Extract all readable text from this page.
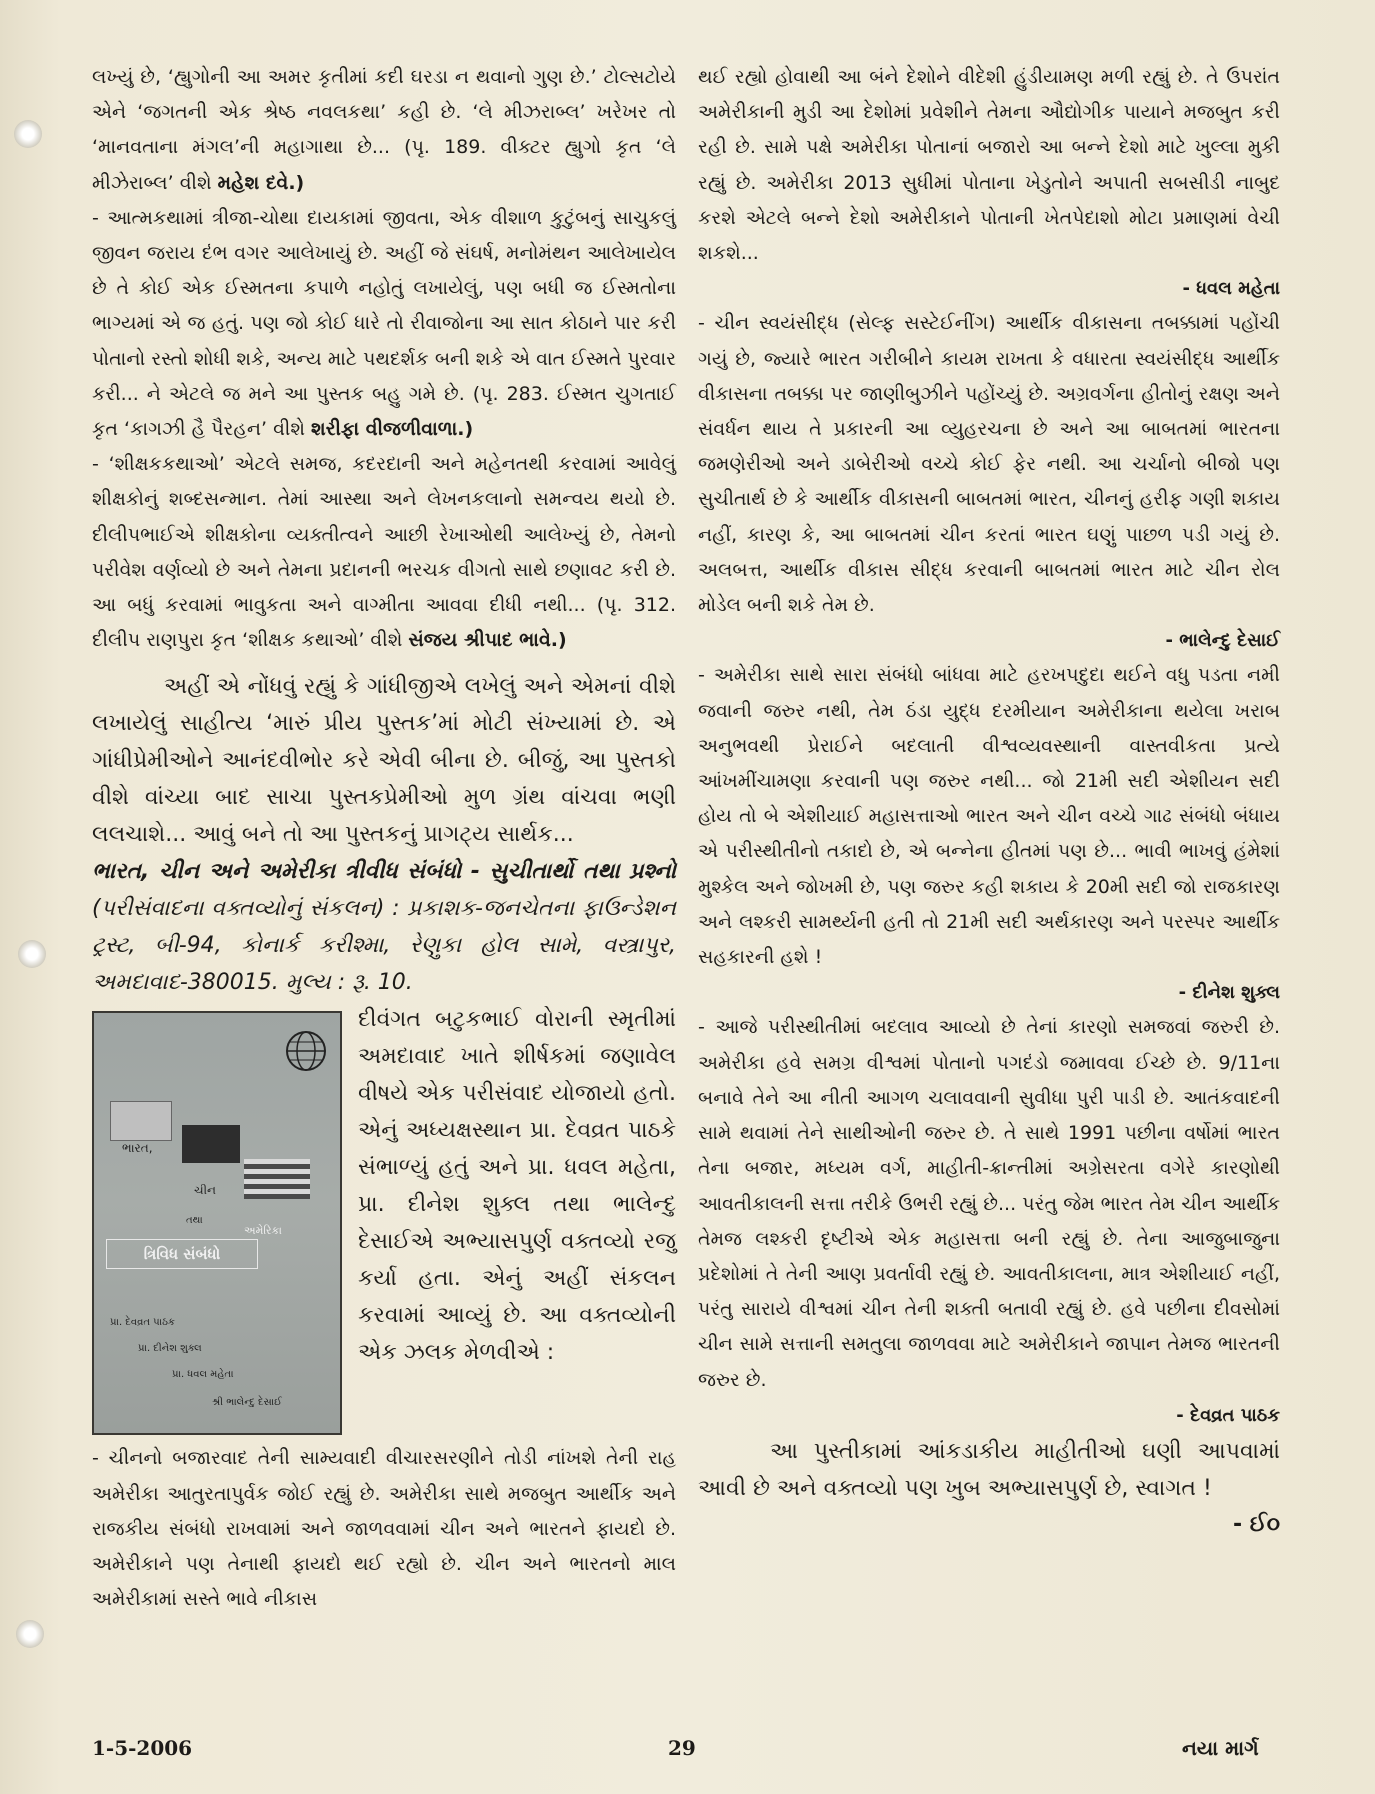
લખ્યું છે, ‘હ્યુગોની આ અમર કૃતીમાં કદી ઘરડા ન થવાનો ગુણ છે.’ ટોલ્સટોયે એને ‘જગતની એક શ્રેષ્ઠ નવલકથા’ કહી છે. ‘લે મીઝરાબ્લ’ ખરેખર તો ‘માનવતાના મંગલ’ની મહાગાથા છે... (પૃ. 189. વીક્ટર હ્યુગો કૃત ‘લે મીઝેરાબ્લ’ વીશે મહેશ દવે.)

- આત્મકથામાં ત્રીજા-ચોથા દાયકામાં જીવતા, એક વીશાળ કુટુંબનું સાચુકલું જીવન જરાય દંભ વગર આલેખાયું છે. અહીં જે સંઘર્ષ, મનોમંથન આલેખાયેલ છે તે કોઈ એક ઈસ્મતના કપાળે નહોતું લખાયેલું, પણ બધી જ ઈસ્મતોના ભાગ્યમાં એ જ હતું. પણ જો કોઈ ધારે તો રીવાજોના આ સાત કોઠાને પાર કરી પોતાનો રસ્તો શોધી શકે, અન્ય માટે પથદર્શક બની શકે એ વાત ઈસ્મતે પુરવાર કરી... ને એટલે જ મને આ પુસ્તક બહુ ગમે છે. (પૃ. 283. ઈસ્મત ચુગતાઈ કૃત ‘કાગઝી હૈ પૈરહન’ વીશે શરીફા વીજળીવાળા.)

- ‘શીક્ષકકથાઓ’ એટલે સમજ, કદરદાની અને મહેનતથી કરવામાં આવેલું શીક્ષકોનું શબ્દસન્માન. તેમાં આસ્થા અને લેખનકલાનો સમન્વય થયો છે. દીલીપભાઈએ શીક્ષકોના વ્યક્તીત્વને આછી રેખાઓથી આલેખ્યું છે, તેમનો પરીવેશ વર્ણવ્યો છે અને તેમના પ્રદાનની ભરચક વીગતો સાથે છણાવટ કરી છે. આ બધું કરવામાં ભાવુકતા અને વાગ્મીતા આવવા દીધી નથી... (પૃ. 312. દીલીપ રાણપુરા કૃત ‘શીક્ષક કથાઓ’ વીશે સંજય શ્રીપાદ ભાવે.)

અહીં એ નોંધવું રહ્યું કે ગાંધીજીએ લખેલું અને એમનાં વીશે લખાયેલું સાહીત્ય ‘મારું પ્રીય પુસ્તક’માં મોટી સંખ્યામાં છે. એ ગાંધીપ્રેમીઓને આનંદવીભોર કરે એવી બીના છે. બીજું, આ પુસ્તકો વીશે વાંચ્યા બાદ સાચા પુસ્તકપ્રેમીઓ મુળ ગ્રંથ વાંચવા ભણી લલચાશે... આવું બને તો આ પુસ્તકનું પ્રાગટ્ય સાર્થક...

ભારત, ચીન અને અમેરીકા ત્રીવીધ સંબંધો - સુચીતાર્થો તથા પ્રશ્નો (પરીસંવાદના વક્તવ્યોનું સંકલન) : પ્રકાશક-જનચેતના ફાઉન્ડેશન ટ્રસ્ટ, બી-94, કોનાર્ક કરીશ્મા, રેણુકા હોલ સામે, વસ્ત્રાપુર, અમદાવાદ-380015. મુલ્ય : રૂ. 10.

ભારત,
ચીન
તથા
અમેરિકા
ત્રિવિધ સંબંધો
પ્રા. દેવવ્રત પાઠક
પ્રા. દીનેશ શુક્લ
પ્રા. ધવલ મહેતા
શ્રી ભાલેન્દુ દેસાઈ

દીવંગત બટુકભાઈ વોરાની સ્મૃતીમાં અમદાવાદ ખાતે શીર્ષકમાં જણાવેલ વીષયે એક પરીસંવાદ યોજાયો હતો. એનું અધ્યક્ષસ્થાન પ્રા. દેવવ્રત પાઠકે સંભાળ્યું હતું અને પ્રા. ધવલ મહેતા, પ્રા. દીનેશ શુક્લ તથા ભાલેન્દુ દેસાઈએ અભ્યાસપુર્ણ વક્તવ્યો રજુ કર્યા હતા. એનું અહીં સંકલન કરવામાં આવ્યું છે. આ વક્તવ્યોની એક ઝલક મેળવીએ :

- ચીનનો બજારવાદ તેની સામ્યવાદી વીચારસરણીને તોડી નાંખશે તેની રાહ અમેરીકા આતુરતાપુર્વક જોઈ રહ્યું છે. અમેરીકા સાથે મજબુત આર્થીક અને રાજકીય સંબંધો રાખવામાં અને જાળવવામાં ચીન અને ભારતને ફાયદો છે. અમેરીકાને પણ તેનાથી ફાયદો થઈ રહ્યો છે. ચીન અને ભારતનો માલ અમેરીકામાં સસ્તે ભાવે નીકાસ

થઈ રહ્યો હોવાથી આ બંને દેશોને વીદેશી હુંડીયામણ મળી રહ્યું છે. તે ઉપરાંત અમેરીકાની મુડી આ દેશોમાં પ્રવેશીને તેમના ઔદ્યોગીક પાયાને મજબુત કરી રહી છે. સામે પક્ષે અમેરીકા પોતાનાં બજારો આ બન્ને દેશો માટે ખુલ્લા મુકી રહ્યું છે. અમેરીકા 2013 સુધીમાં પોતાના ખેડુતોને અપાતી સબસીડી નાબુદ કરશે એટલે બન્ને દેશો અમેરીકાને પોતાની ખેતપેદાશો મોટા પ્રમાણમાં વેચી શકશે...

- ધવલ મહેતા

- ચીન સ્વયંસીદ્ધ (સેલ્ફ સસ્ટેઈનીંગ) આર્થીક વીકાસના તબક્કામાં પહોંચી ગયું છે, જ્યારે ભારત ગરીબીને કાયમ રાખતા કે વધારતા સ્વયંસીદ્ધ આર્થીક વીકાસના તબક્કા પર જાણીબુઝીને પહોંચ્યું છે. અગ્રવર્ગના હીતોનું રક્ષણ અને સંવર્ધન થાય તે પ્રકારની આ વ્યુહરચના છે અને આ બાબતમાં ભારતના જમણેરીઓ અને ડાબેરીઓ વચ્ચે કોઈ ફેર નથી. આ ચર્ચાનો બીજો પણ સુચીતાર્થ છે કે આર્થીક વીકાસની બાબતમાં ભારત, ચીનનું હરીફ ગણી શકાય નહીં, કારણ કે, આ બાબતમાં ચીન કરતાં ભારત ઘણું પાછળ પડી ગયું છે. અલબત્ત, આર્થીક વીકાસ સીદ્ધ કરવાની બાબતમાં ભારત માટે ચીન રોલ મોડેલ બની શકે તેમ છે.

- ભાલેન્દુ દેસાઈ

- અમેરીકા સાથે સારા સંબંધો બાંધવા માટે હરખપદુદા થઈને વધુ પડતા નમી જવાની જરુર નથી, તેમ ઠંડા યુદ્ધ દરમીયાન અમેરીકાના થયેલા ખરાબ અનુભવથી પ્રેરાઈને બદલાતી વીશ્વવ્યવસ્થાની વાસ્તવીકતા પ્રત્યે આંખમીંચામણા કરવાની પણ જરુર નથી... જો 21મી સદી એશીયન સદી હોય તો બે એશીયાઈ મહાસત્તાઓ ભારત અને ચીન વચ્ચે ગાઢ સંબંધો બંધાય એ પરીસ્થીતીનો તકાદો છે, એ બન્નેના હીતમાં પણ છે... ભાવી ભાખવું હંમેશાં મુશ્કેલ અને જોખમી છે, પણ જરુર કહી શકાય કે 20મી સદી જો રાજકારણ અને લશ્કરી સામર્થ્યની હતી તો 21મી સદી અર્થકારણ અને પરસ્પર આર્થીક સહકારની હશે !

- દીનેશ શુક્લ

- આજે પરીસ્થીતીમાં બદલાવ આવ્યો છે તેનાં કારણો સમજવાં જરુરી છે. અમેરીકા હવે સમગ્ર વીશ્વમાં પોતાનો પગદંડો જમાવવા ઈચ્છે છે. 9/11ના બનાવે તેને આ નીતી આગળ ચલાવવાની સુવીધા પુરી પાડી છે. આતંકવાદની સામે થવામાં તેને સાથીઓની જરુર છે. તે સાથે 1991 પછીના વર્ષોમાં ભારત તેના બજાર, મધ્યમ વર્ગ, માહીતી-ક્રાન્તીમાં અગ્રેસરતા વગેરે કારણોથી આવતીકાલની સત્તા તરીકે ઉભરી રહ્યું છે... પરંતુ જેમ ભારત તેમ ચીન આર્થીક તેમજ લશ્કરી દૃષ્ટીએ એક મહાસત્તા બની રહ્યું છે. તેના આજુબાજુના પ્રદેશોમાં તે તેની આણ પ્રવર્તાવી રહ્યું છે. આવતીકાલના, માત્ર એશીયાઈ નહીં, પરંતુ સારાયે વીશ્વમાં ચીન તેની શક્તી બતાવી રહ્યું છે. હવે પછીના દીવસોમાં ચીન સામે સત્તાની સમતુલા જાળવવા માટે અમેરીકાને જાપાન તેમજ ભારતની જરુર છે.

- દેવવ્રત પાઠક

આ પુસ્તીકામાં આંકડાકીય માહીતીઓ ઘણી આપવામાં આવી છે અને વક્તવ્યો પણ ખુબ અભ્યાસપુર્ણ છે, સ્વાગત !

- ઈ૦

1-5-2006	29	નયા માર્ગ
